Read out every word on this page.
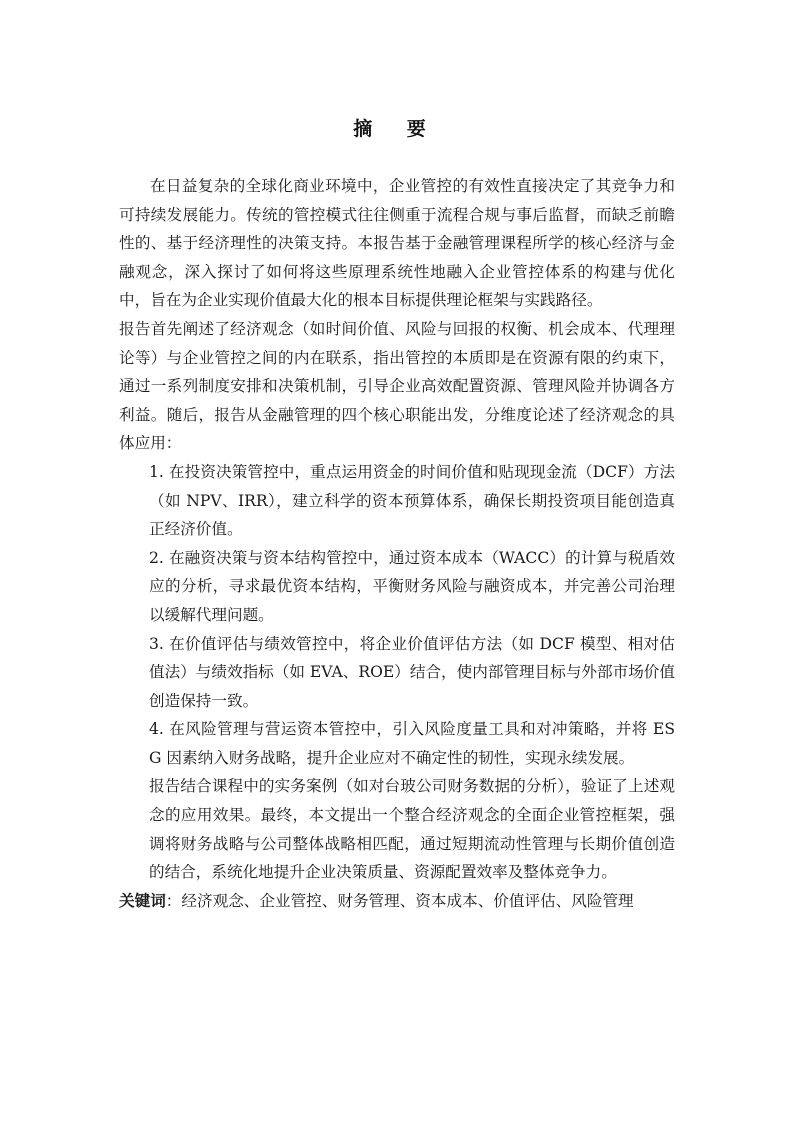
摘 要

在日益复杂的全球化商业环境中，企业管控的有效性直接决定了其竞争力和可持续发展能力。传统的管控模式往往侧重于流程合规与事后监督，而缺乏前瞻性的、基于经济理性的决策支持。本报告基于金融管理课程所学的核心经济与金融观念，深入探讨了如何将这些原理系统性地融入企业管控体系的构建与优化中，旨在为企业实现价值最大化的根本目标提供理论框架与实践路径。

报告首先阐述了经济观念（如时间价值、风险与回报的权衡、机会成本、代理理论等）与企业管控之间的内在联系，指出管控的本质即是在资源有限的约束下，通过一系列制度安排和决策机制，引导企业高效配置资源、管理风险并协调各方利益。随后，报告从金融管理的四个核心职能出发，分维度论述了经济观念的具体应用：

1. 在投资决策管控中，重点运用资金的时间价值和贴现现金流（DCF）方法（如 NPV、IRR），建立科学的资本预算体系，确保长期投资项目能创造真正经济价值。

2. 在融资决策与资本结构管控中，通过资本成本（WACC）的计算与税盾效应的分析，寻求最优资本结构，平衡财务风险与融资成本，并完善公司治理以缓解代理问题。

3. 在价值评估与绩效管控中，将企业价值评估方法（如 DCF 模型、相对估值法）与绩效指标（如 EVA、ROE）结合，使内部管理目标与外部市场价值创造保持一致。

4. 在风险管理与营运资本管控中，引入风险度量工具和对冲策略，并将 ESG 因素纳入财务战略，提升企业应对不确定性的韧性，实现永续发展。

报告结合课程中的实务案例（如对台玻公司财务数据的分析），验证了上述观念的应用效果。最终，本文提出一个整合经济观念的全面企业管控框架，强调将财务战略与公司整体战略相匹配，通过短期流动性管理与长期价值创造的结合，系统化地提升企业决策质量、资源配置效率及整体竞争力。

关键词：经济观念、企业管控、财务管理、资本成本、价值评估、风险管理
